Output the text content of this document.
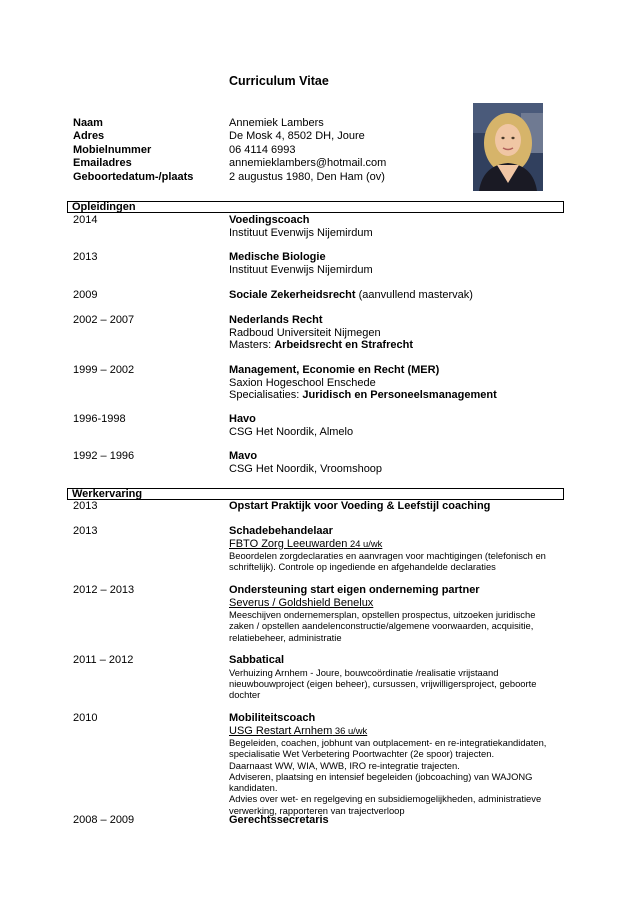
Curriculum Vitae
Naam	Annemiek Lambers
Adres	De Mosk 4, 8502 DH, Joure
Mobielnummer	06 4114 6993
Emailadres	annemieklambers@hotmail.com
Geboortedatum-/plaats	2 augustus 1980, Den Ham (ov)
Opleidingen
2014	Voedingscoach
Instituut Evenwijs Nijemirdum
2013	Medische Biologie
Instituut Evenwijs Nijemirdum
2009	Sociale Zekerheidsrecht (aanvullend mastervak)
2002 – 2007	Nederlands Recht
Radboud Universiteit Nijmegen
Masters: Arbeidsrecht en Strafrecht
1999 – 2002	Management, Economie en Recht (MER)
Saxion Hogeschool Enschede
Specialisaties: Juridisch en Personeelsmanagement
1996-1998	Havo
CSG Het Noordik, Almelo
1992 – 1996	Mavo
CSG Het Noordik, Vroomshoop
Werkervaring
2013	Opstart Praktijk voor Voeding & Leefstijl coaching
2013	Schadebehandelaar
FBTO Zorg Leeuwarden 24 u/wk
Beoordelen zorgdeclaraties en aanvragen voor machtigingen (telefonisch en
schriftelijk). Controle op ingediende en afgehandelde declaraties
2012 – 2013	Ondersteuning start eigen onderneming partner
Severus / Goldshield Benelux
Meeschijven ondernemersplan, opstellen prospectus, uitzoeken juridische
zaken / opstellen aandelenconstructie/algemene voorwaarden, acquisitie,
relatiebeheer, administratie
2011 – 2012	Sabbatical
Verhuizing Arnhem - Joure, bouwcoördinatie /realisatie vrijstaand
nieuwbouwproject (eigen beheer), cursussen, vrijwilligersproject, geboorte
dochter
2010	Mobiliteitscoach
USG Restart Arnhem 36 u/wk
Begeleiden, coachen, jobhunt van outplacement- en re-integratiekandidaten,
specialisatie Wet Verbetering Poortwachter (2e spoor) trajecten.
Daarnaast WW, WIA, WWB, IRO re-integratie trajecten.
Adviseren, plaatsing en intensief begeleiden (jobcoaching) van WAJONG
kandidaten.
Advies over wet- en regelgeving en subsidiemogelijkheden, administratieve
verwerking, rapporteren van trajectverloop
2008 – 2009	Gerechtssecretaris
